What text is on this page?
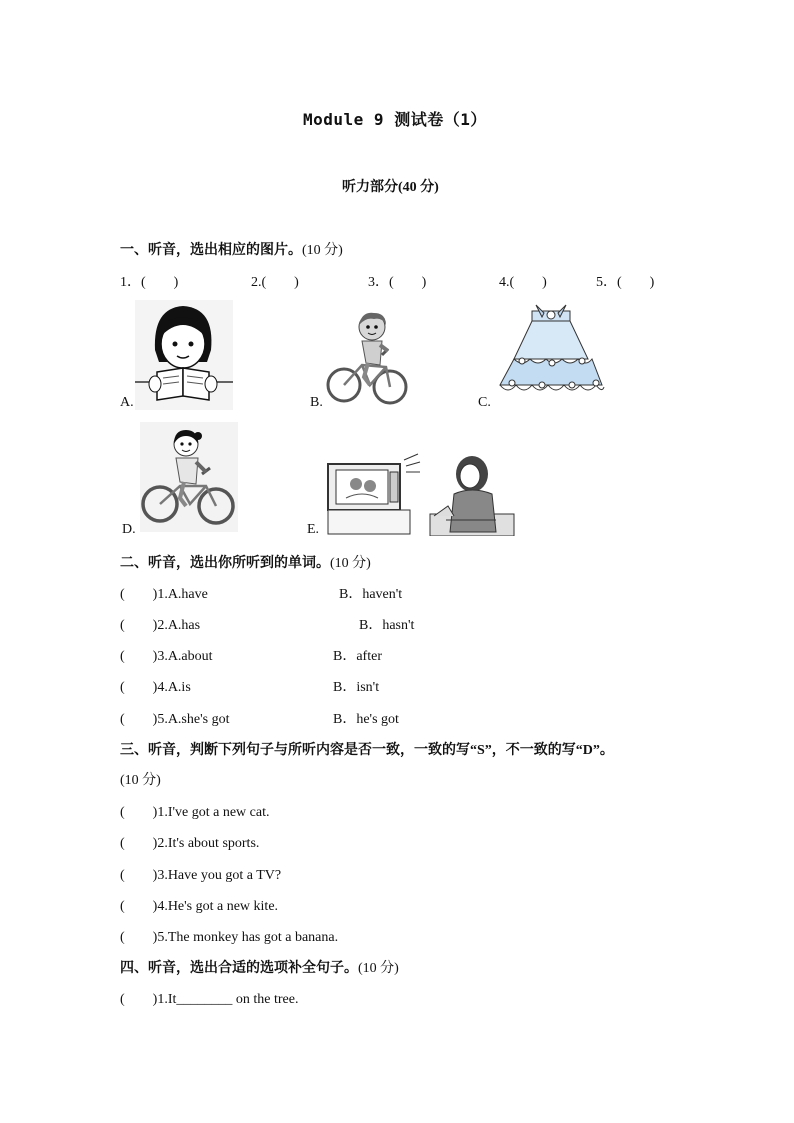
Module 9 测试卷（1）
听力部分(40 分)
一、听音，选出相应的图片。(10 分)
1．(　　)	2.(　　)	3．(　　)	4.(　　)	5．(　　)
A.	B.	C.
D.	E.
二、听音，选出你所听到的单词。(10 分)
(　　)1.A.have	B．haven't
(　　)2.A.has	B．hasn't
(　　)3.A.about	B．after
(　　)4.A.is	B．isn't
(　　)5.A.she's got	B．he's got
三、听音，判断下列句子与所听内容是否一致，一致的写“S”，不一致的写“D”。
(10 分)
(　　)1.I've got a new cat.
(　　)2.It's about sports.
(　　)3.Have you got a TV?
(　　)4.He's got a new kite.
(　　)5.The monkey has got a banana.
四、听音，选出合适的选项补全句子。(10 分)
(　　)1.It________ on the tree.
